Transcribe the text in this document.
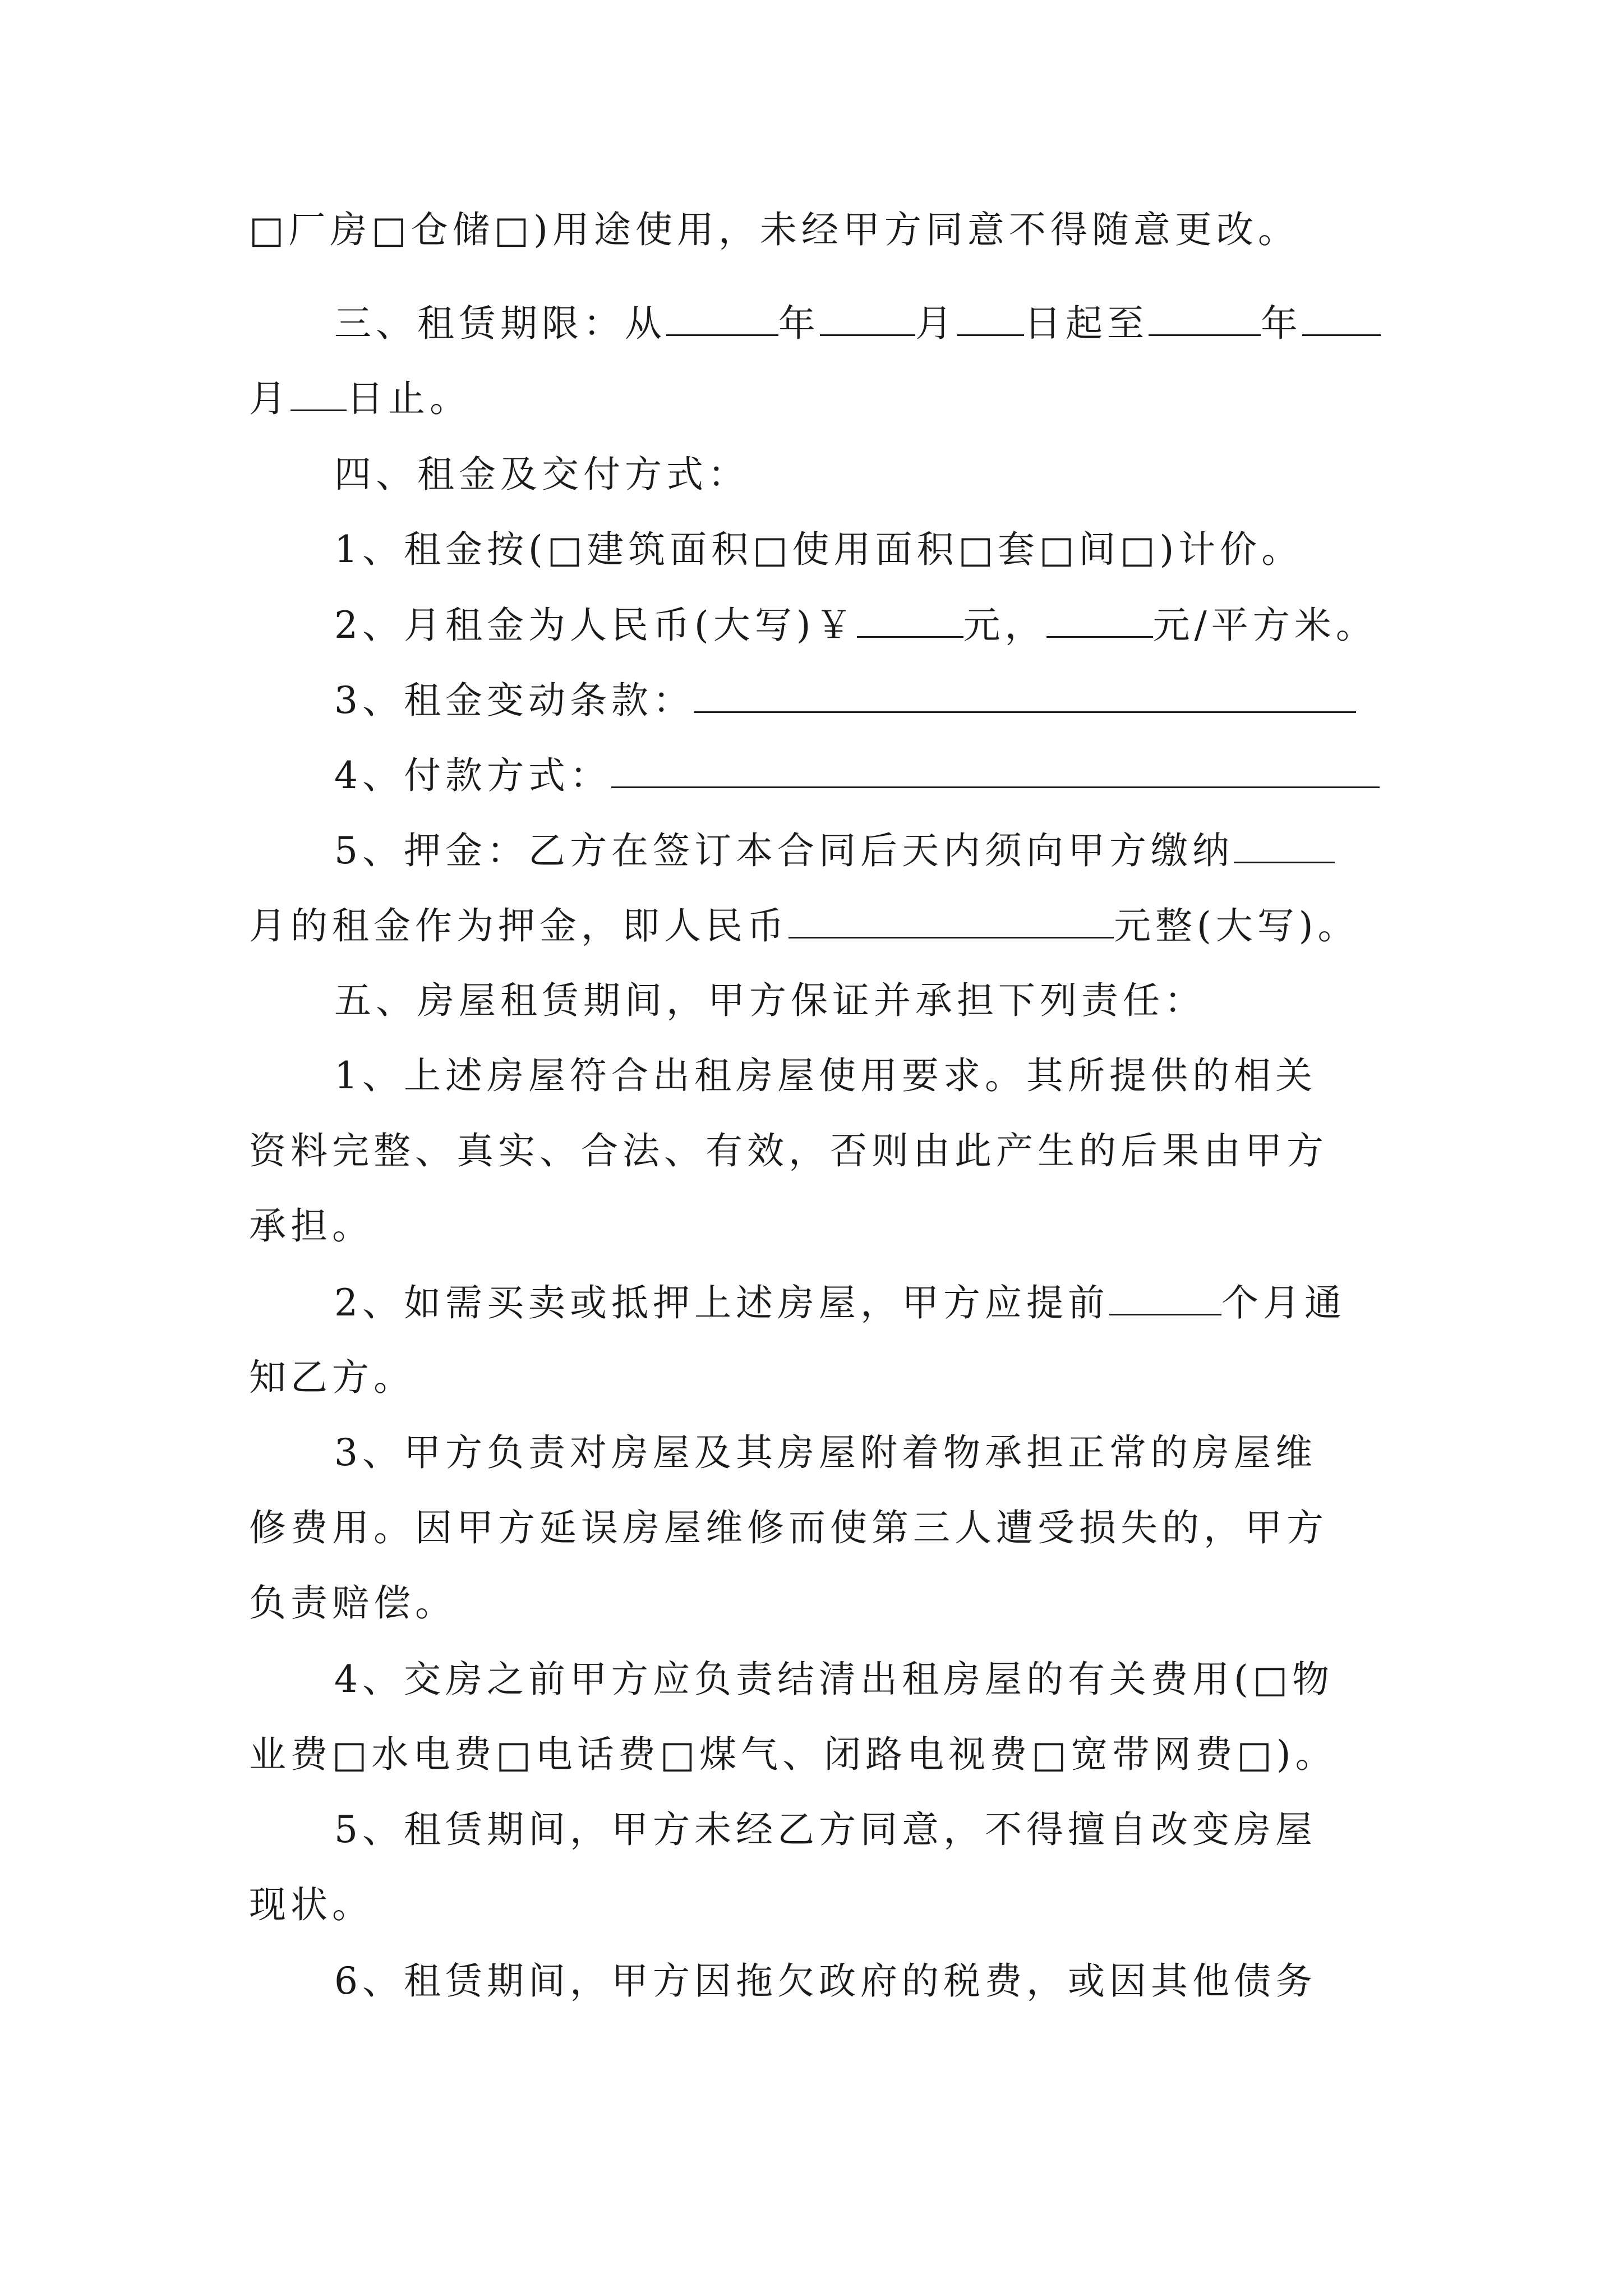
□厂房□仓储□)用途使用，未经甲方同意不得随意更改。
三、租赁期限：从	年	月 日起至	年
月 日止。
四、租金及交付方式：
1、租金按(□建筑面积□使用面积□套□间□)计价。
2、月租金为人民币(大写)￥	元，	元/平方米。
3、租金变动条款：
4、付款方式：
5、押金：乙方在签订本合同后天内须向甲方缴纳
月的租金作为押金，即人民币	元整(大写)。
五、房屋租赁期间，甲方保证并承担下列责任：
1、上述房屋符合出租房屋使用要求。其所提供的相关
资料完整、真实、合法、有效，否则由此产生的后果由甲方
承担。
2、如需买卖或抵押上述房屋，甲方应提前	个月通
知乙方。
3、甲方负责对房屋及其房屋附着物承担正常的房屋维
修费用。因甲方延误房屋维修而使第三人遭受损失的，甲方
负责赔偿。
4、交房之前甲方应负责结清出租房屋的有关费用(□物
业费□水电费□电话费□煤气、闭路电视费□宽带网费□)。
5、租赁期间，甲方未经乙方同意，不得擅自改变房屋
现状。
6、租赁期间，甲方因拖欠政府的税费，或因其他债务
